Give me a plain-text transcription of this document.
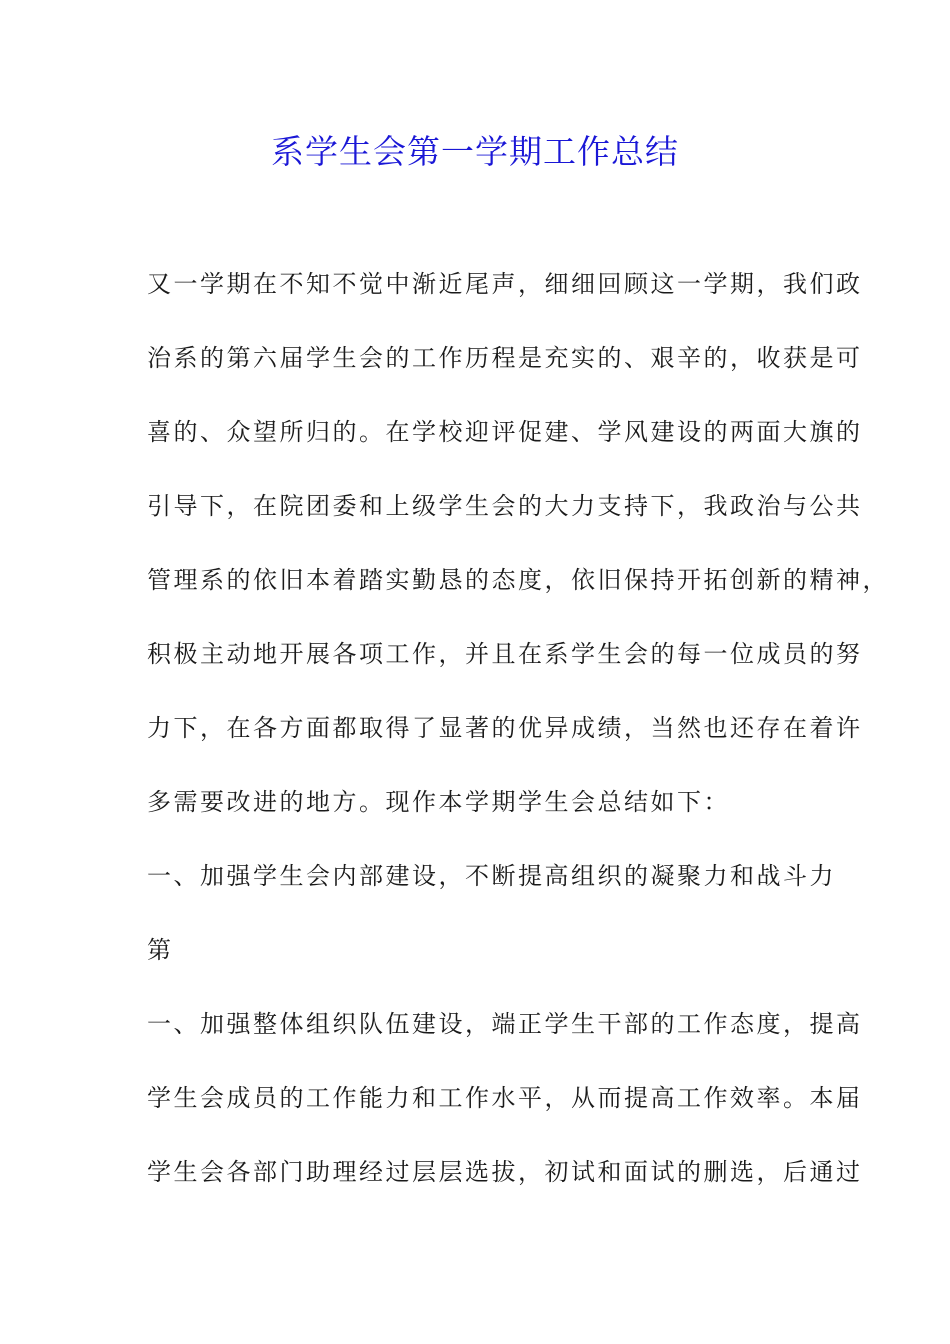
系学生会第一学期工作总结
又一学期在不知不觉中渐近尾声，细细回顾这一学期，我们政
治系的第六届学生会的工作历程是充实的、艰辛的，收获是可
喜的、众望所归的。在学校迎评促建、学风建设的两面大旗的
引导下，在院团委和上级学生会的大力支持下，我政治与公共
管理系的依旧本着踏实勤恳的态度，依旧保持开拓创新的精神，
积极主动地开展各项工作，并且在系学生会的每一位成员的努
力下，在各方面都取得了显著的优异成绩，当然也还存在着许
多需要改进的地方。现作本学期学生会总结如下：
一、加强学生会内部建设，不断提高组织的凝聚力和战斗力
第
一、加强整体组织队伍建设，端正学生干部的工作态度，提高
学生会成员的工作能力和工作水平，从而提高工作效率。本届
学生会各部门助理经过层层选拔，初试和面试的删选，后通过
